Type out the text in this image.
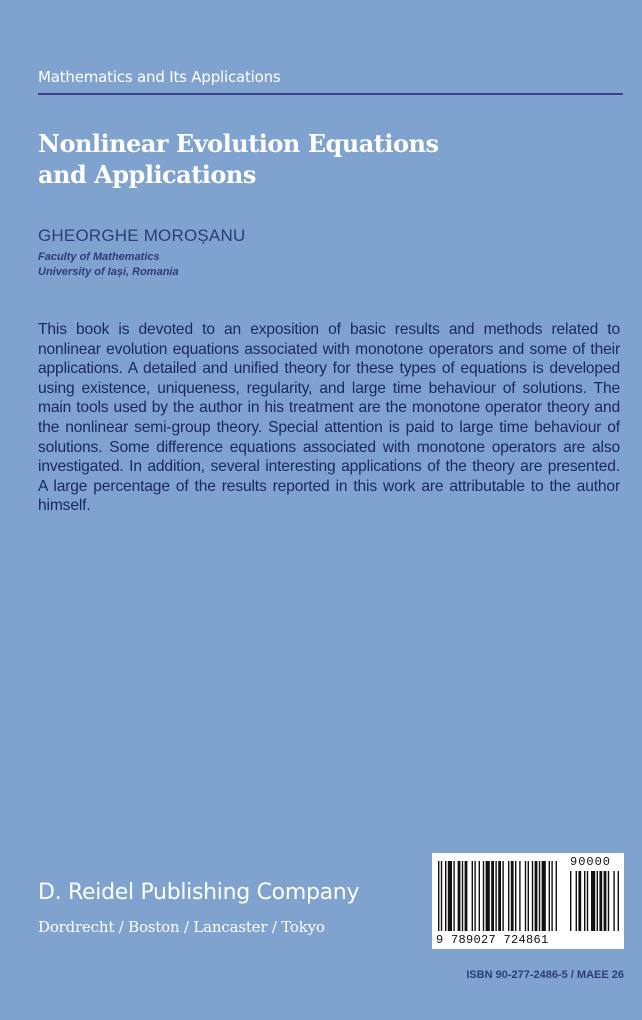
Mathematics and Its Applications
Nonlinear Evolution Equations
and Applications
GHEORGHE MOROȘANU
Faculty of Mathematics
University of Iași, Romania
This book is devoted to an exposition of basic results and methods related to nonlinear evolution equations associated with monotone operators and some of their applications. A detailed and unified theory for these types of equations is developed using existence, uniqueness, regularity, and large time behaviour of solutions. The main tools used by the author in his treatment are the monotone operator theory and the nonlinear semi-group theory. Special attention is paid to large time behaviour of solutions. Some difference equations associated with monotone operators are also investigated. In addition, several interesting applications of the theory are presented. A large percentage of the results reported in this work are attributable to the author himself.
D. Reidel Publishing Company
Dordrecht / Boston / Lancaster / Tokyo
90000
9 789027 724861
ISBN 90-277-2486-5 / MAEE 26
